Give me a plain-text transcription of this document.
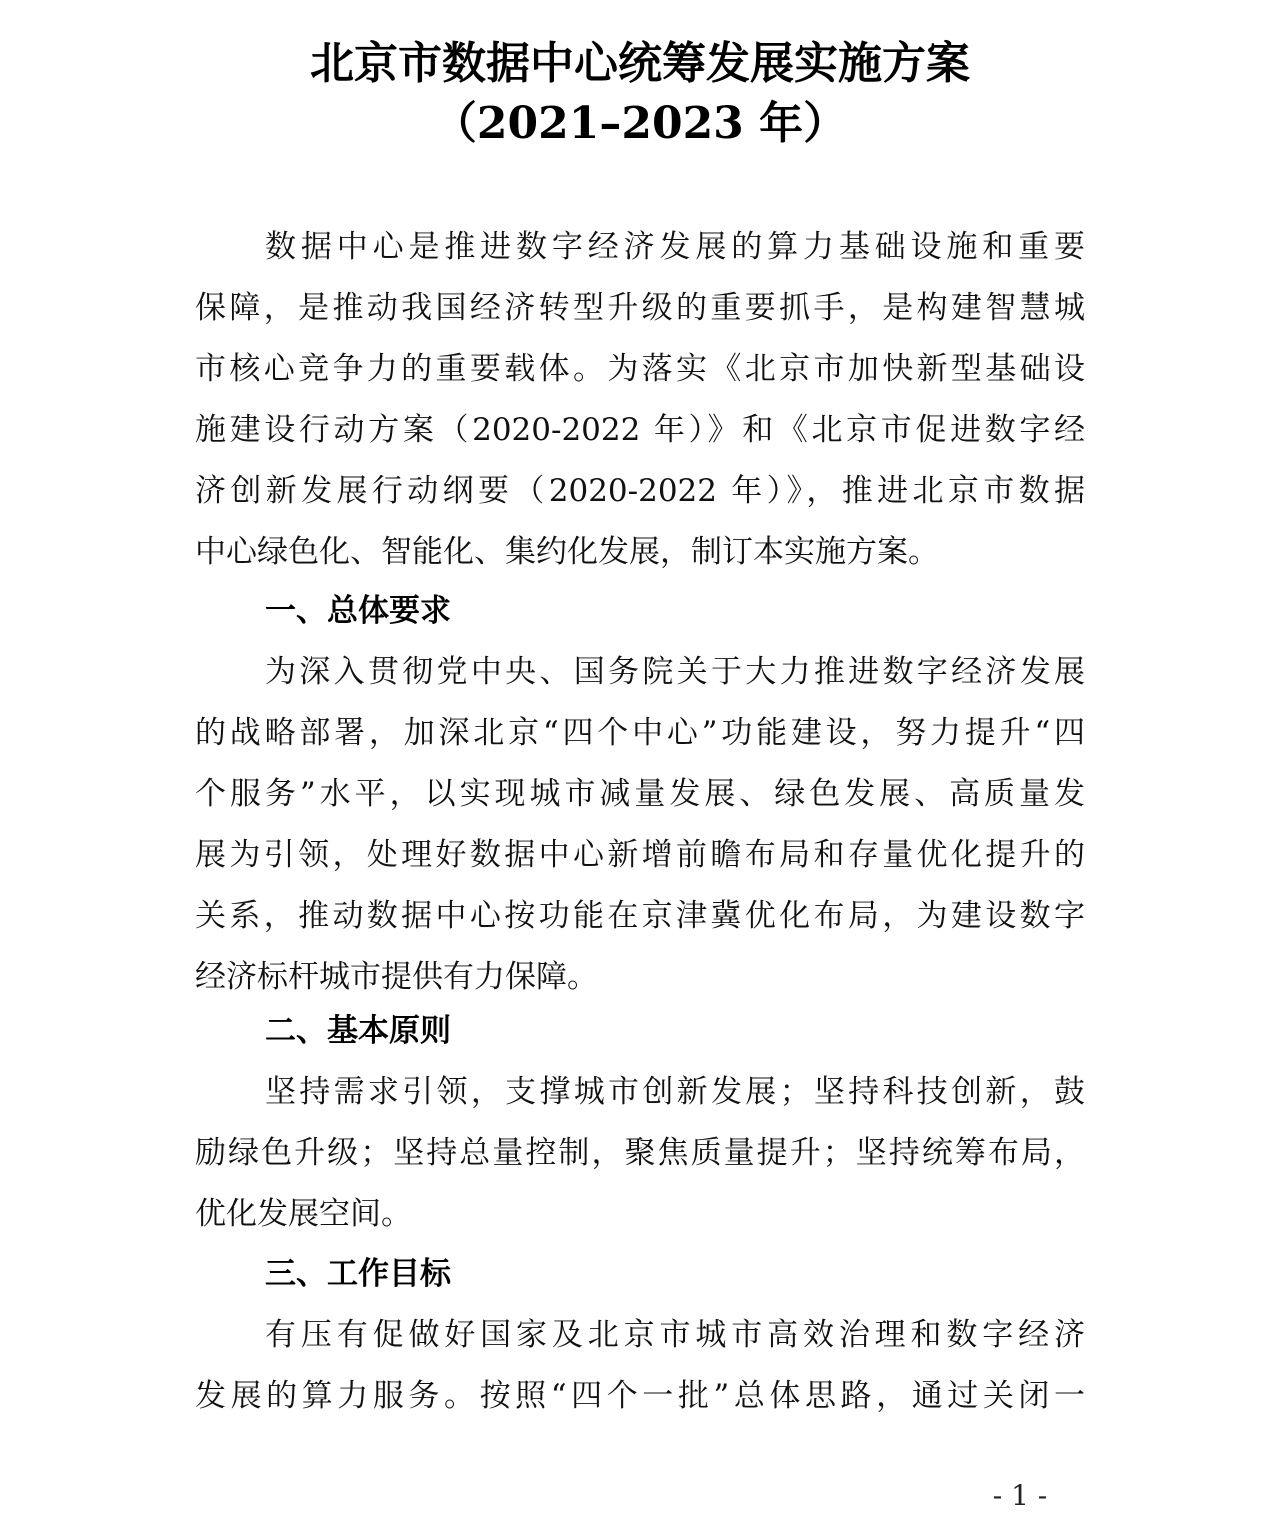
北京市数据中心统筹发展实施方案
（2021–2023 年）
数据中心是推进数字经济发展的算力基础设施和重要
保障，是推动我国经济转型升级的重要抓手，是构建智慧城
市核心竞争力的重要载体。为落实《北京市加快新型基础设
施建设行动方案（2020-2022 年）》和《北京市促进数字经
济创新发展行动纲要（2020-2022 年）》，推进北京市数据
中心绿色化、智能化、集约化发展，制订本实施方案。
一、总体要求
为深入贯彻党中央、国务院关于大力推进数字经济发展
的战略部署，加深北京“四个中心”功能建设，努力提升“四
个服务”水平，以实现城市减量发展、绿色发展、高质量发
展为引领，处理好数据中心新增前瞻布局和存量优化提升的
关系，推动数据中心按功能在京津冀优化布局，为建设数字
经济标杆城市提供有力保障。
二、基本原则
坚持需求引领，支撑城市创新发展；坚持科技创新，鼓
励绿色升级；坚持总量控制，聚焦质量提升；坚持统筹布局，
优化发展空间。
三、工作目标
有压有促做好国家及北京市城市高效治理和数字经济
发展的算力服务。按照“四个一批”总体思路，通过关闭一
- 1 -
